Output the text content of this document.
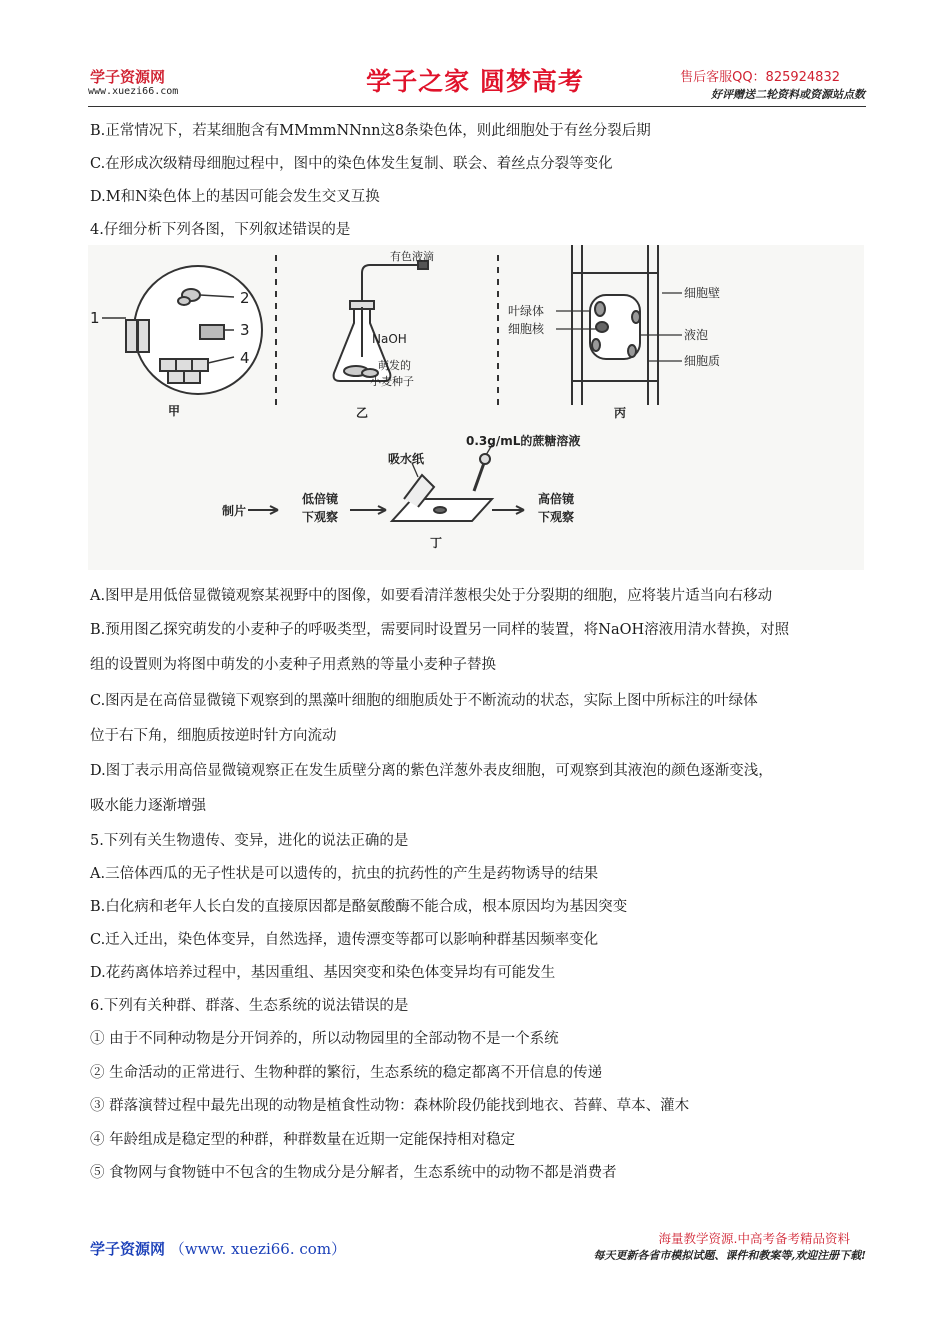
学子资源网
www.xuezi66.com	学子之家 圆梦高考	售后客服QQ：825924832
好评赠送二轮资料或资源站点数
B.正常情况下，若某细胞含有MMmmNNnn这8条染色体，则此细胞处于有丝分裂后期
C.在形成次级精母细胞过程中，图中的染色体发生复制、联会、着丝点分裂等变化
D.M和N染色体上的基因可能会发生交叉互换
4.仔细分析下列各图，下列叙述错误的是
1
2
3
4
甲
有色液滴
NaOH
萌发的
小麦种子
乙
叶绿体
细胞核
细胞壁
液泡
细胞质
丙
制片
低倍镜
下观察
吸水纸
0.3g/mL的蔗糖溶液
高倍镜
下观察
丁
A.图甲是用低倍显微镜观察某视野中的图像，如要看清洋葱根尖处于分裂期的细胞，应将装片适当向右移动
B.预用图乙探究萌发的小麦种子的呼吸类型，需要同时设置另一同样的装置，将NaOH溶液用清水替换，对照
组的设置则为将图中萌发的小麦种子用煮熟的等量小麦种子替换
C.图丙是在高倍显微镜下观察到的黑藻叶细胞的细胞质处于不断流动的状态，实际上图中所标注的叶绿体
位于右下角，细胞质按逆时针方向流动
D.图丁表示用高倍显微镜观察正在发生质壁分离的紫色洋葱外表皮细胞，可观察到其液泡的颜色逐渐变浅，
吸水能力逐渐增强
5.下列有关生物遗传、变异，进化的说法正确的是
A.三倍体西瓜的无子性状是可以遗传的，抗虫的抗药性的产生是药物诱导的结果
B.白化病和老年人长白发的直接原因都是酪氨酸酶不能合成，根本原因均为基因突变
C.迁入迁出，染色体变异，自然选择，遗传漂变等都可以影响种群基因频率变化
D.花药离体培养过程中，基因重组、基因突变和染色体变异均有可能发生
6.下列有关种群、群落、生态系统的说法错误的是
① 由于不同种动物是分开饲养的，所以动物园里的全部动物不是一个系统
② 生命活动的正常进行、生物种群的繁衍，生态系统的稳定都离不开信息的传递
③ 群落演替过程中最先出现的动物是植食性动物：森林阶段仍能找到地衣、苔藓、草本、灌木
④ 年龄组成是稳定型的种群，种群数量在近期一定能保持相对稳定
⑤ 食物网与食物链中不包含的生物成分是分解者，生态系统中的动物不都是消费者
学子资源网 （www. xuezi66. com）
海量教学资源.中高考备考精品资料
每天更新各省市模拟试题、课件和教案等,欢迎注册下载!
